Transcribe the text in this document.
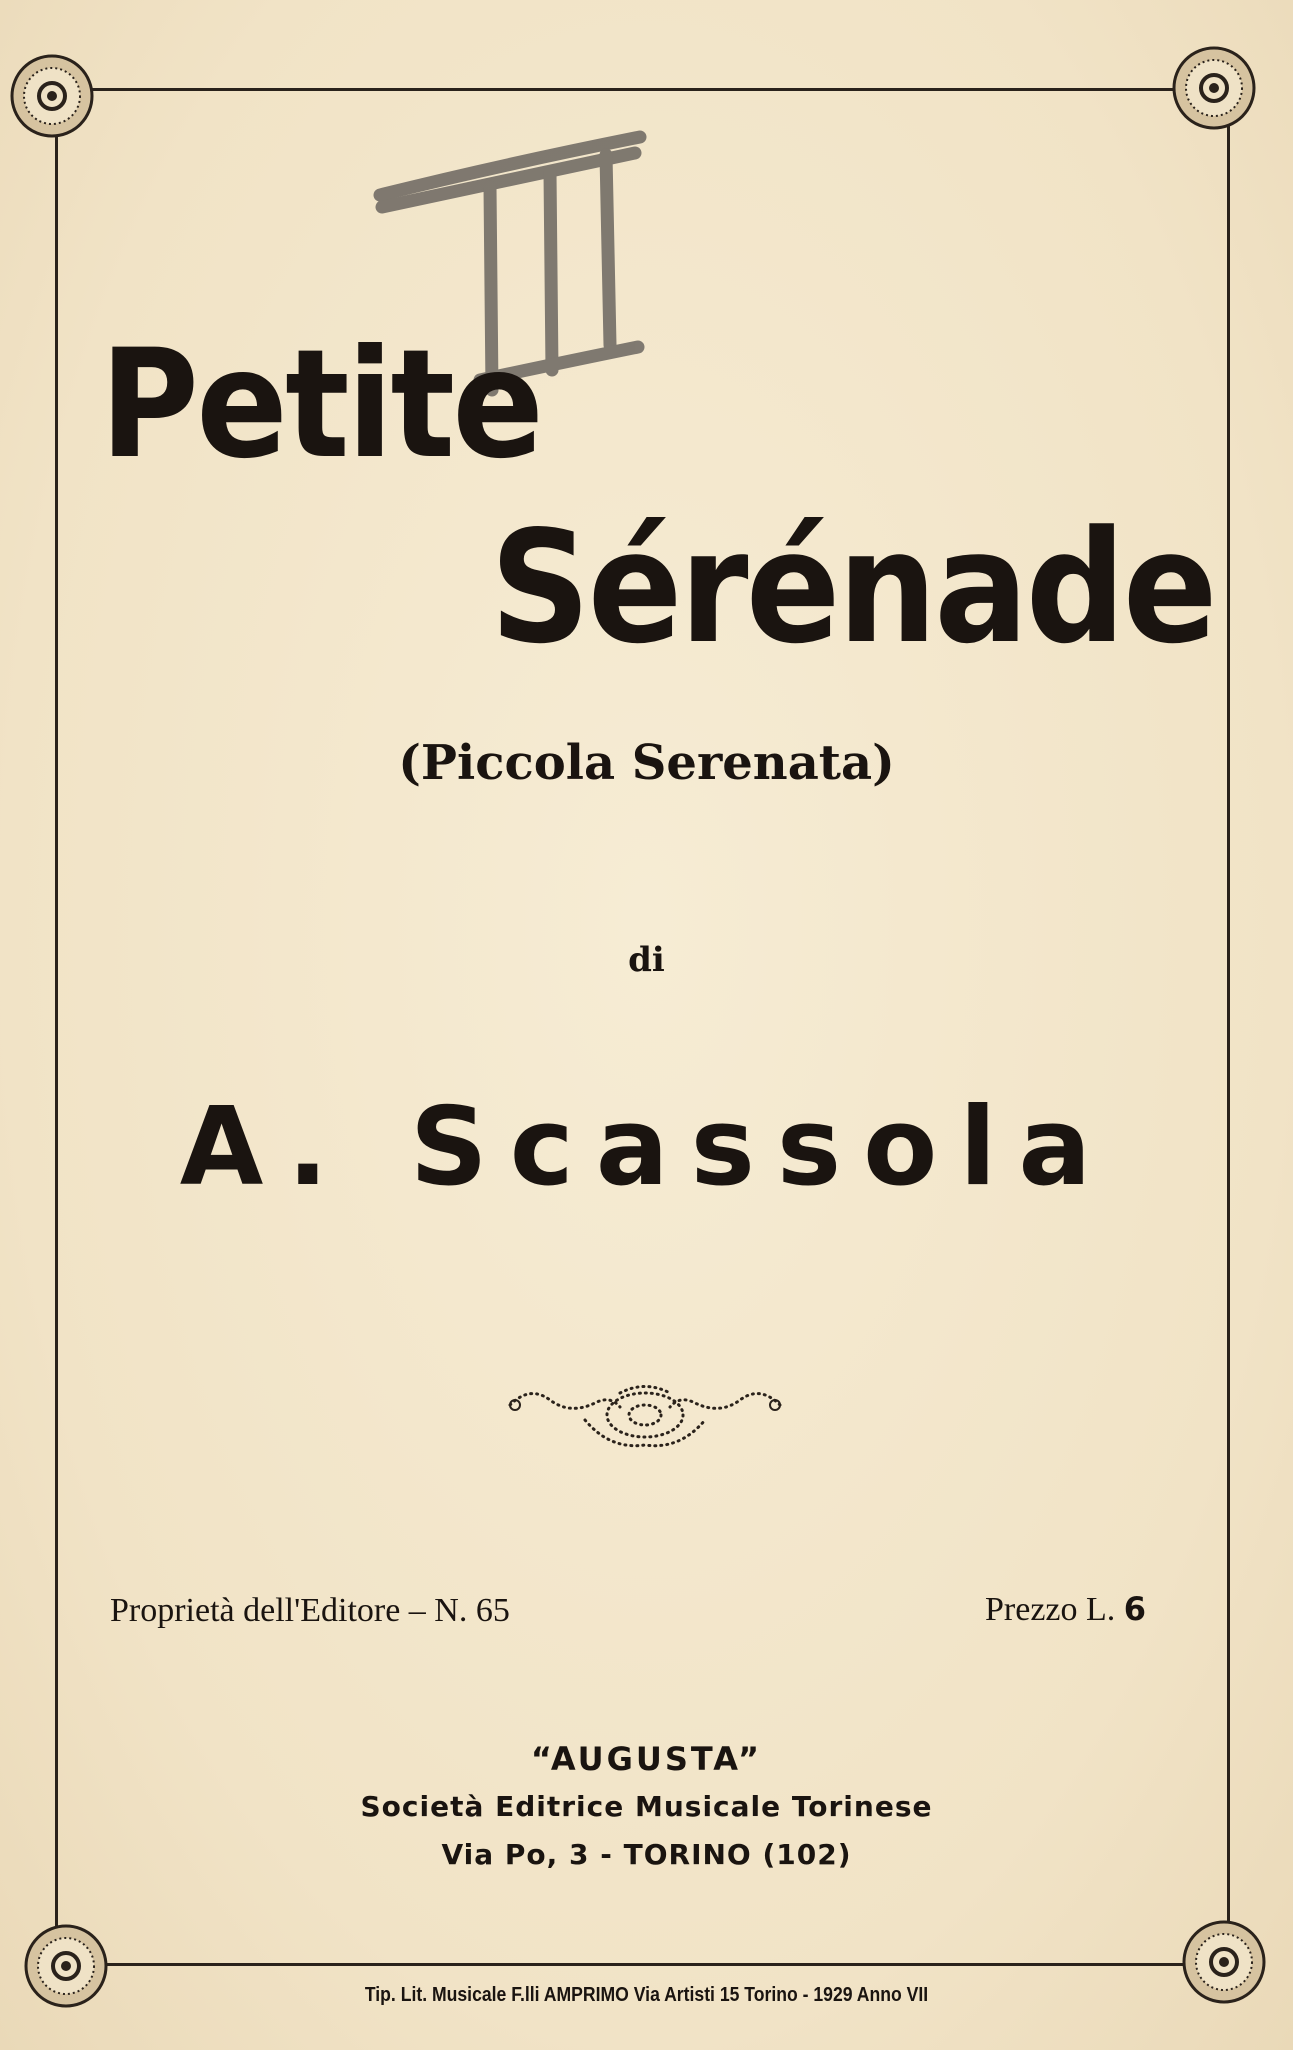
Petite
Sérénade
(Piccola Serenata)
di
A. Scassola
Proprietà dell'Editore – N. 65	Prezzo L. 6
“AUGUSTA”
Società Editrice Musicale Torinese
Via Po, 3 - TORINO (102)
Tip. Lit. Musicale F.lli AMPRIMO Via Artisti 15 Torino - 1929 Anno VII
